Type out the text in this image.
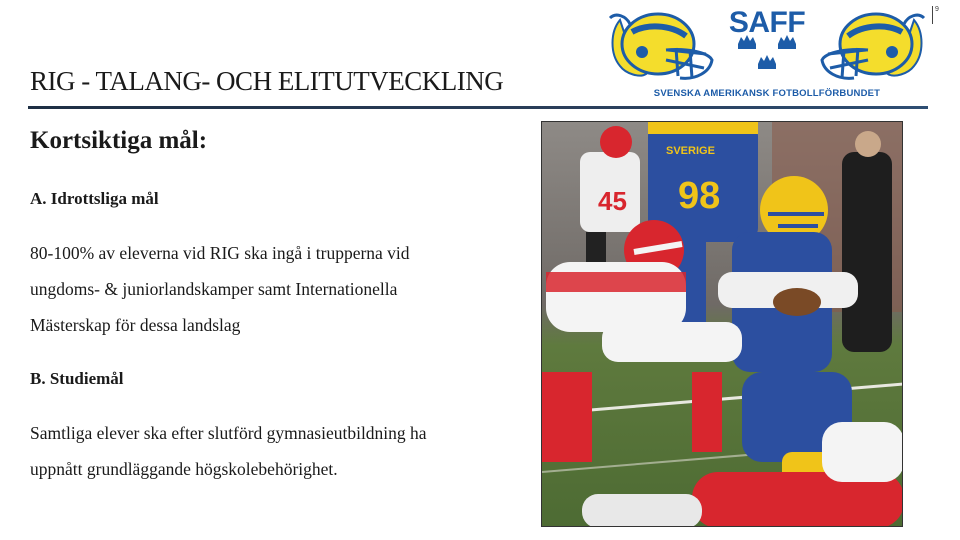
9
SAFF
SVENSKA AMERIKANSK FOTBOLLFÖRBUNDET
RIG - TALANG- OCH ELITUTVECKLING
Kortsiktiga mål:

A. Idrottsliga mål

80-100% av eleverna vid RIG ska ingå i trupperna vid
ungdoms- & juniorlandskamper samt Internationella
Mästerskap för dessa landslag

B. Studiemål

Samtliga elever ska efter slutförd gymnasieutbildning ha
uppnått grundläggande högskolebehörighet.

45
SVERIGE
98
